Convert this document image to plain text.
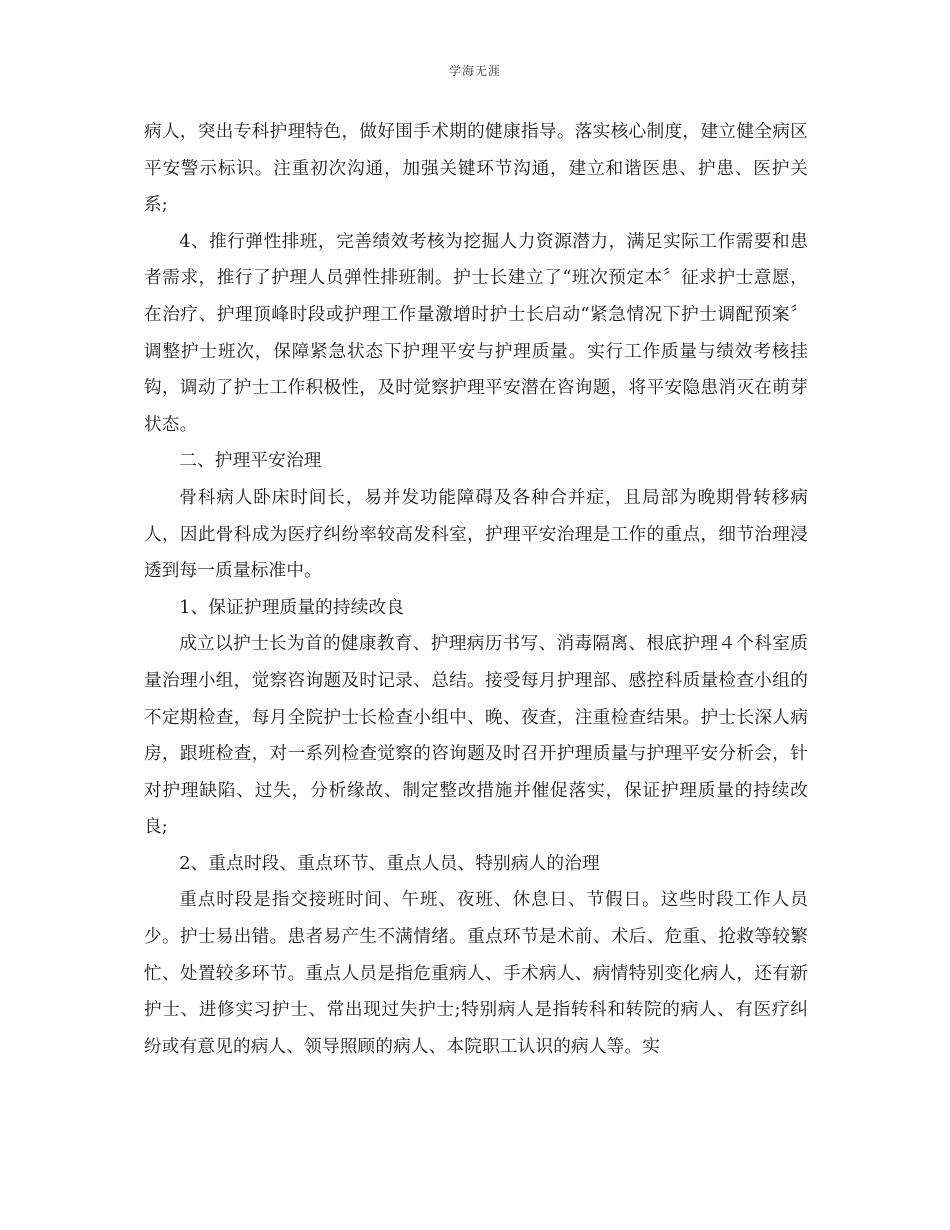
学海无涯

病人，突出专科护理特色，做好围手术期的健康指导。落实核心制度，建立健全病区平安警示标识。注重初次沟通，加强关键环节沟通，建立和谐医患、护患、医护关系;

4、推行弹性排班，完善绩效考核为挖掘人力资源潜力，满足实际工作需要和患者需求，推行了护理人员弹性排班制。护士长建立了“班次预定本〞征求护士意愿，在治疗、护理顶峰时段或护理工作量激增时护士长启动“紧急情况下护士调配预案〞调整护士班次，保障紧急状态下护理平安与护理质量。实行工作质量与绩效考核挂钩，调动了护士工作积极性，及时觉察护理平安潜在咨询题，将平安隐患消灭在萌芽状态。

二、护理平安治理

骨科病人卧床时间长，易并发功能障碍及各种合并症，且局部为晚期骨转移病人，因此骨科成为医疗纠纷率较高发科室，护理平安治理是工作的重点，细节治理浸透到每一质量标准中。

1、保证护理质量的持续改良

成立以护士长为首的健康教育、护理病历书写、消毒隔离、根底护理４个科室质量治理小组，觉察咨询题及时记录、总结。接受每月护理部、感控科质量检查小组的不定期检查，每月全院护士长检查小组中、晚、夜查，注重检查结果。护士长深人病房，跟班检查，对一系列检查觉察的咨询题及时召开护理质量与护理平安分析会，针对护理缺陷、过失，分析缘故、制定整改措施并催促落实，保证护理质量的持续改良;

2、重点时段、重点环节、重点人员、特别病人的治理

重点时段是指交接班时间、午班、夜班、休息日、节假日。这些时段工作人员少。护士易出错。患者易产生不满情绪。重点环节是术前、术后、危重、抢救等较繁忙、处置较多环节。重点人员是指危重病人、手术病人、病情特别变化病人，还有新护士、进修实习护士、常出现过失护士;特别病人是指转科和转院的病人、有医疗纠纷或有意见的病人、领导照顾的病人、本院职工认识的病人等。实
